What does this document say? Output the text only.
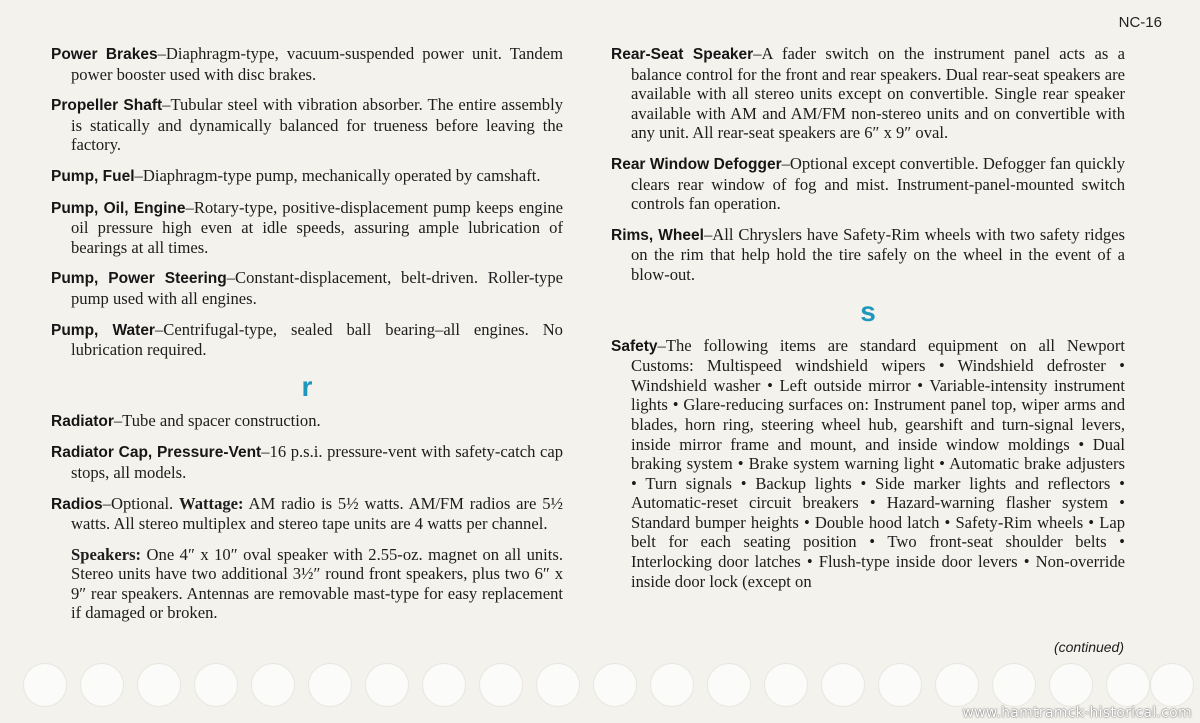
NC-16

Power Brakes–Diaphragm-type, vacuum-suspended power unit. Tandem power booster used with disc brakes.

Propeller Shaft–Tubular steel with vibration absorber. The entire assembly is statically and dynamically balanced for trueness before leaving the factory.

Pump, Fuel–Diaphragm-type pump, mechanically operated by camshaft.

Pump, Oil, Engine–Rotary-type, positive-displacement pump keeps engine oil pressure high even at idle speeds, assuring ample lubrication of bearings at all times.

Pump, Power Steering–Constant-displacement, belt-driven. Roller-type pump used with all engines.

Pump, Water–Centrifugal-type, sealed ball bearing–all engines. No lubrication required.

r

Radiator–Tube and spacer construction.

Radiator Cap, Pressure-Vent–16 p.s.i. pressure-vent with safety-catch cap stops, all models.

Radios–Optional. Wattage: AM radio is 5½ watts. AM/FM radios are 5½ watts. All stereo multiplex and stereo tape units are 4 watts per channel.

Speakers: One 4″ x 10″ oval speaker with 2.55-oz. magnet on all units. Stereo units have two additional 3½″ round front speakers, plus two 6″ x 9″ rear speakers. Antennas are removable mast-type for easy replacement if damaged or broken.

Rear-Seat Speaker–A fader switch on the instrument panel acts as a balance control for the front and rear speakers. Dual rear-seat speakers are available with all stereo units except on convertible. Single rear speaker available with AM and AM/FM non-stereo units and on convertible with any unit. All rear-seat speakers are 6″ x 9″ oval.

Rear Window Defogger–Optional except convertible. Defogger fan quickly clears rear window of fog and mist. Instrument-panel-mounted switch controls fan operation.

Rims, Wheel–All Chryslers have Safety-Rim wheels with two safety ridges on the rim that help hold the tire safely on the wheel in the event of a blow-out.

s

Safety–The following items are standard equipment on all Newport Customs: Multispeed windshield wipers • Windshield defroster • Windshield washer • Left outside mirror • Variable-intensity instrument lights • Glare-reducing surfaces on: Instrument panel top, wiper arms and blades, horn ring, steering wheel hub, gearshift and turn-signal levers, inside mirror frame and mount, and inside window moldings • Dual braking system • Brake system warning light • Automatic brake adjusters • Turn signals • Backup lights • Side marker lights and reflectors • Automatic-reset circuit breakers • Hazard-warning flasher system • Standard bumper heights • Double hood latch • Safety-Rim wheels • Lap belt for each seating position • Two front-seat shoulder belts • Interlocking door latches • Flush-type inside door levers • Non-override inside door lock (except on

(continued)
www.hamtramck-historical.com
